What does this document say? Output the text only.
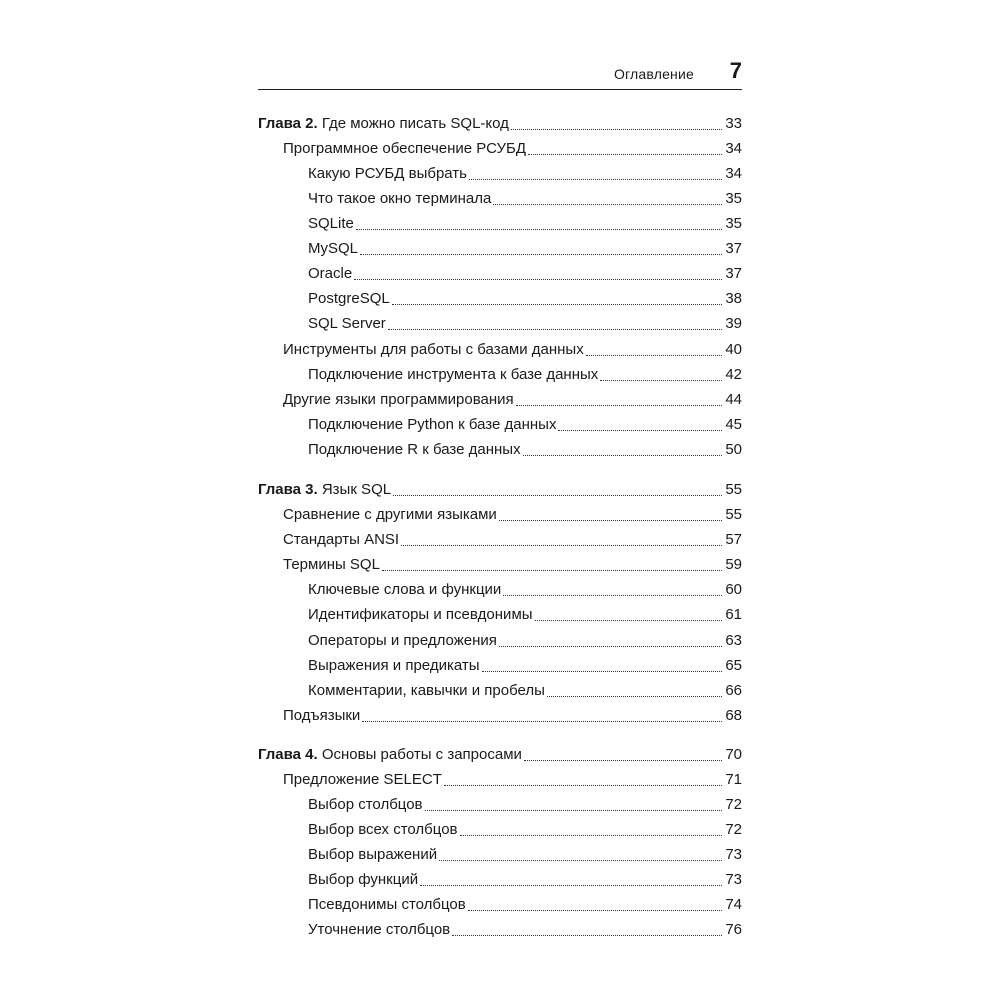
Оглавление 7
Глава 2. Где можно писать SQL-код	33
Программное обеспечение РСУБД	34
Какую РСУБД выбрать	34
Что такое окно терминала	35
SQLite	35
MySQL	37
Oracle	37
PostgreSQL	38
SQL Server	39
Инструменты для работы с базами данных	40
Подключение инструмента к базе данных	42
Другие языки программирования	44
Подключение Python к базе данных	45
Подключение R к базе данных	50
Глава 3. Язык SQL	55
Сравнение с другими языками	55
Стандарты ANSI	57
Термины SQL	59
Ключевые слова и функции	60
Идентификаторы и псевдонимы	61
Операторы и предложения	63
Выражения и предикаты	65
Комментарии, кавычки и пробелы	66
Подъязыки	68
Глава 4. Основы работы с запросами	70
Предложение SELECT	71
Выбор столбцов	72
Выбор всех столбцов	72
Выбор выражений	73
Выбор функций	73
Псевдонимы столбцов	74
Уточнение столбцов	76
